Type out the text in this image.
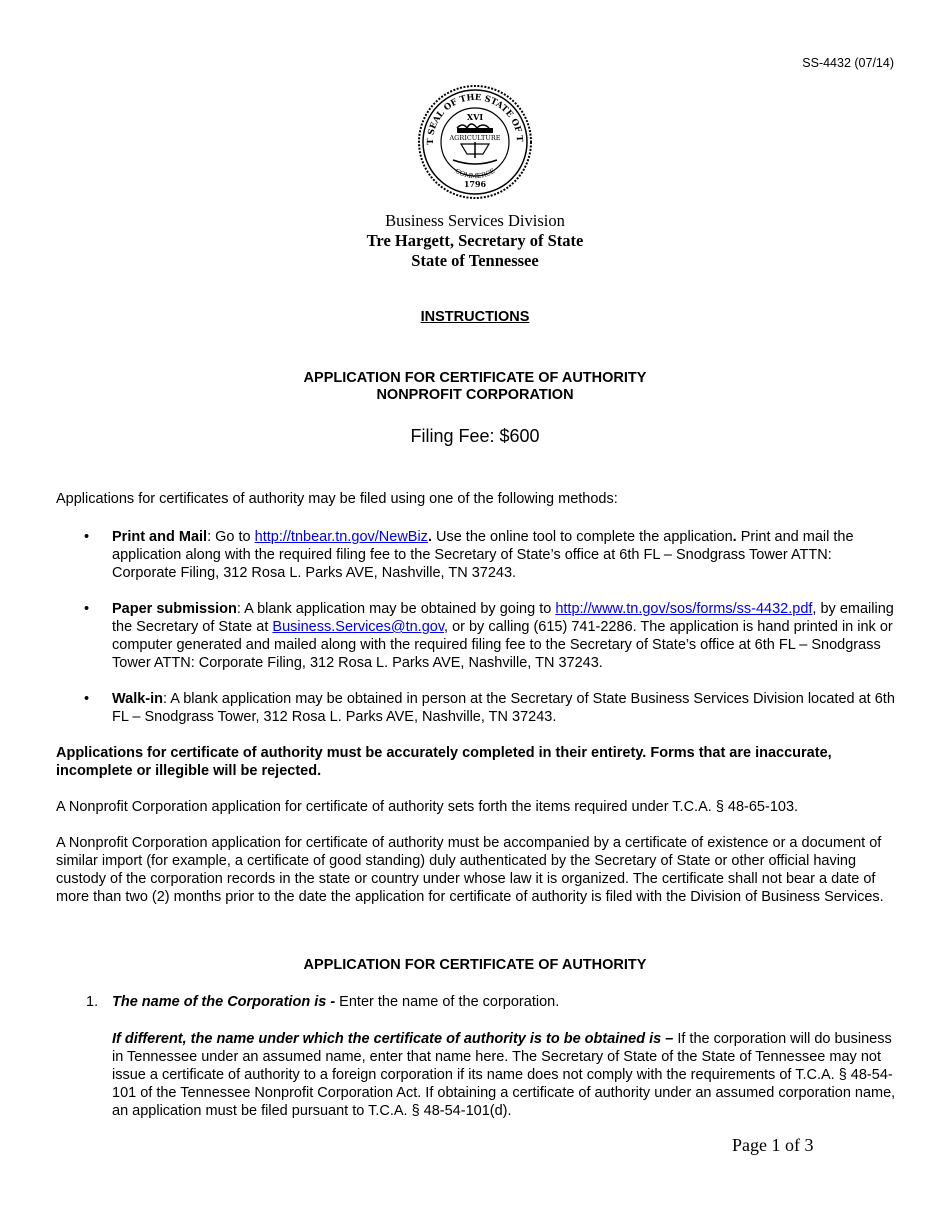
SS-4432 (07/14)
T SEAL OF THE STATE OF T
XVI
AGRICULTURE
COMMERCE
1796
Business Services Division
Tre Hargett, Secretary of State
State of Tennessee
INSTRUCTIONS
APPLICATION FOR CERTIFICATE OF AUTHORITY
NONPROFIT CORPORATION
Filing Fee: $600
Applications for certificates of authority may be filed using one of the following methods:
• Print and Mail: Go to http://tnbear.tn.gov/NewBiz. Use the online tool to complete the application. Print and mail the application along with the required filing fee to the Secretary of State’s office at 6th FL – Snodgrass Tower ATTN: Corporate Filing, 312 Rosa L. Parks AVE, Nashville, TN 37243.
• Paper submission: A blank application may be obtained by going to http://www.tn.gov/sos/forms/ss-4432.pdf, by emailing the Secretary of State at Business.Services@tn.gov, or by calling (615) 741-2286. The application is hand printed in ink or computer generated and mailed along with the required filing fee to the Secretary of State’s office at 6th FL – Snodgrass Tower ATTN: Corporate Filing, 312 Rosa L. Parks AVE, Nashville, TN 37243.
• Walk-in: A blank application may be obtained in person at the Secretary of State Business Services Division located at 6th FL – Snodgrass Tower, 312 Rosa L. Parks AVE, Nashville, TN 37243.
Applications for certificate of authority must be accurately completed in their entirety. Forms that are inaccurate, incomplete or illegible will be rejected.
A Nonprofit Corporation application for certificate of authority sets forth the items required under T.C.A. § 48-65-103.
A Nonprofit Corporation application for certificate of authority must be accompanied by a certificate of existence or a document of similar import (for example, a certificate of good standing) duly authenticated by the Secretary of State or other official having custody of the corporation records in the state or country under whose law it is organized. The certificate shall not bear a date of more than two (2) months prior to the date the application for certificate of authority is filed with the Division of Business Services.
APPLICATION FOR CERTIFICATE OF AUTHORITY
1. The name of the Corporation is - Enter the name of the corporation.
If different, the name under which the certificate of authority is to be obtained is – If the corporation will do business in Tennessee under an assumed name, enter that name here. The Secretary of State of the State of Tennessee may not issue a certificate of authority to a foreign corporation if its name does not comply with the requirements of T.C.A. § 48-54-101 of the Tennessee Nonprofit Corporation Act. If obtaining a certificate of authority under an assumed corporation name, an application must be filed pursuant to T.C.A. § 48-54-101(d).
Page 1 of 3
